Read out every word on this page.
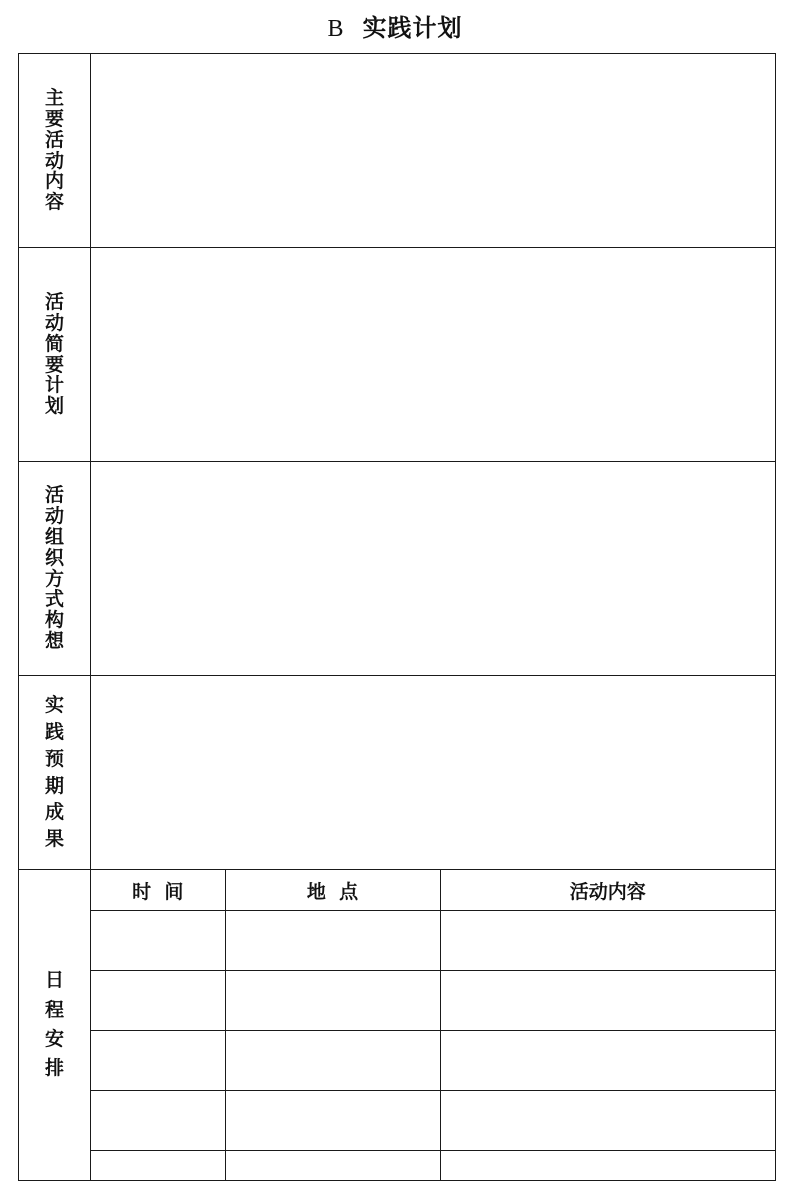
B 实践计划
主要活动内容	
活动简要计划	
活动组织方式构想	
实践预期成果	
日程安排	
时  间	地  点	活动内容
